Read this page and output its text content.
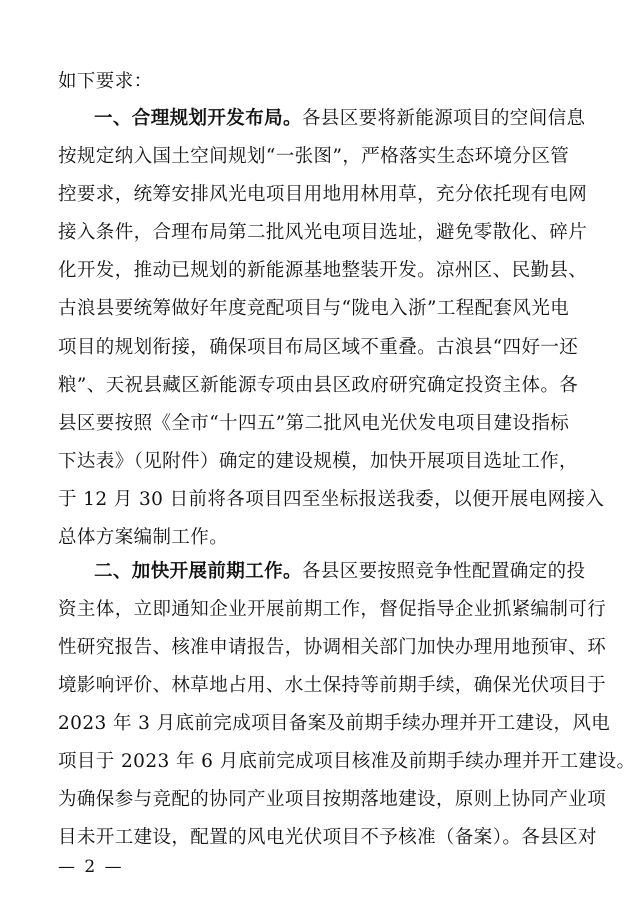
如下要求：
一、合理规划开发布局。各县区要将新能源项目的空间信息
按规定纳入国土空间规划“一张图”，严格落实生态环境分区管
控要求，统筹安排风光电项目用地用林用草，充分依托现有电网
接入条件，合理布局第二批风光电项目选址，避免零散化、碎片
化开发，推动已规划的新能源基地整装开发。凉州区、民勤县、
古浪县要统筹做好年度竞配项目与“陇电入浙”工程配套风光电
项目的规划衔接，确保项目布局区域不重叠。古浪县“四好一还
粮”、天祝县藏区新能源专项由县区政府研究确定投资主体。各
县区要按照《全市“十四五”第二批风电光伏发电项目建设指标
下达表》（见附件）确定的建设规模，加快开展项目选址工作，
于 12 月 30 日前将各项目四至坐标报送我委，以便开展电网接入
总体方案编制工作。
二、加快开展前期工作。各县区要按照竞争性配置确定的投
资主体，立即通知企业开展前期工作，督促指导企业抓紧编制可行
性研究报告、核准申请报告，协调相关部门加快办理用地预审、环
境影响评价、林草地占用、水土保持等前期手续，确保光伏项目于
2023 年 3 月底前完成项目备案及前期手续办理并开工建设，风电
项目于 2023 年 6 月底前完成项目核准及前期手续办理并开工建设。
为确保参与竞配的协同产业项目按期落地建设，原则上协同产业项
目未开工建设，配置的风电光伏项目不予核准（备案）。各县区对
— 2 —
